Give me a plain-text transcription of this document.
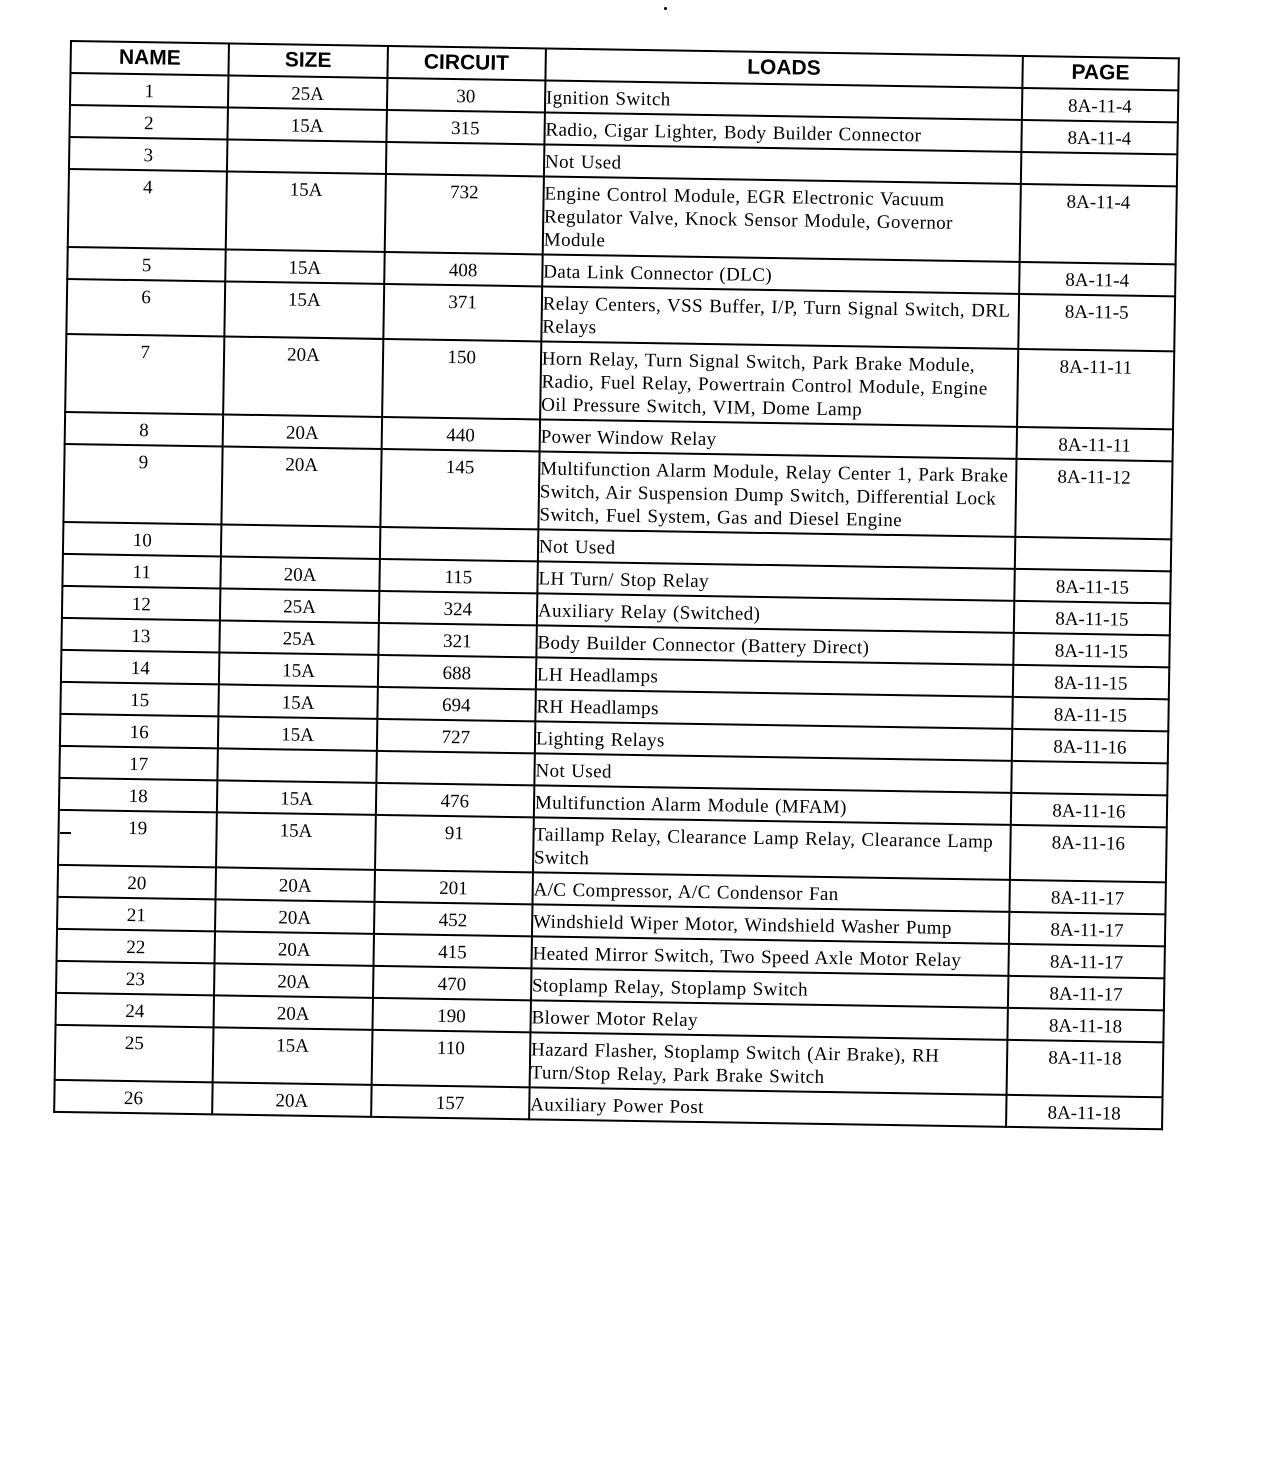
NAME	SIZE	CIRCUIT	LOADS	PAGE
1	25A	30	Ignition Switch	8A-11-4
2	15A	315	Radio, Cigar Lighter, Body Builder Connector	8A-11-4
3			Not Used	
4	15A	732	Engine Control Module, EGR Electronic Vacuum Regulator Valve, Knock Sensor Module, Governor Module	8A-11-4
5	15A	408	Data Link Connector (DLC)	8A-11-4
6	15A	371	Relay Centers, VSS Buffer, I/P, Turn Signal Switch, DRL Relays	8A-11-5
7	20A	150	Horn Relay, Turn Signal Switch, Park Brake Module, Radio, Fuel Relay, Powertrain Control Module, Engine Oil Pressure Switch, VIM, Dome Lamp	8A-11-11
8	20A	440	Power Window Relay	8A-11-11
9	20A	145	Multifunction Alarm Module, Relay Center 1, Park Brake Switch, Air Suspension Dump Switch, Differential Lock Switch, Fuel System, Gas and Diesel Engine	8A-11-12
10			Not Used	
11	20A	115	LH Turn/ Stop Relay	8A-11-15
12	25A	324	Auxiliary Relay (Switched)	8A-11-15
13	25A	321	Body Builder Connector (Battery Direct)	8A-11-15
14	15A	688	LH Headlamps	8A-11-15
15	15A	694	RH Headlamps	8A-11-15
16	15A	727	Lighting Relays	8A-11-16
17			Not Used	
18	15A	476	Multifunction Alarm Module (MFAM)	8A-11-16
19	15A	91	Taillamp Relay, Clearance Lamp Relay, Clearance Lamp Switch	8A-11-16
20	20A	201	A/C Compressor, A/C Condensor Fan	8A-11-17
21	20A	452	Windshield Wiper Motor, Windshield Washer Pump	8A-11-17
22	20A	415	Heated Mirror Switch, Two Speed Axle Motor Relay	8A-11-17
23	20A	470	Stoplamp Relay, Stoplamp Switch	8A-11-17
24	20A	190	Blower Motor Relay	8A-11-18
25	15A	110	Hazard Flasher, Stoplamp Switch (Air Brake), RH Turn/Stop Relay, Park Brake Switch	8A-11-18
26	20A	157	Auxiliary Power Post	8A-11-18
